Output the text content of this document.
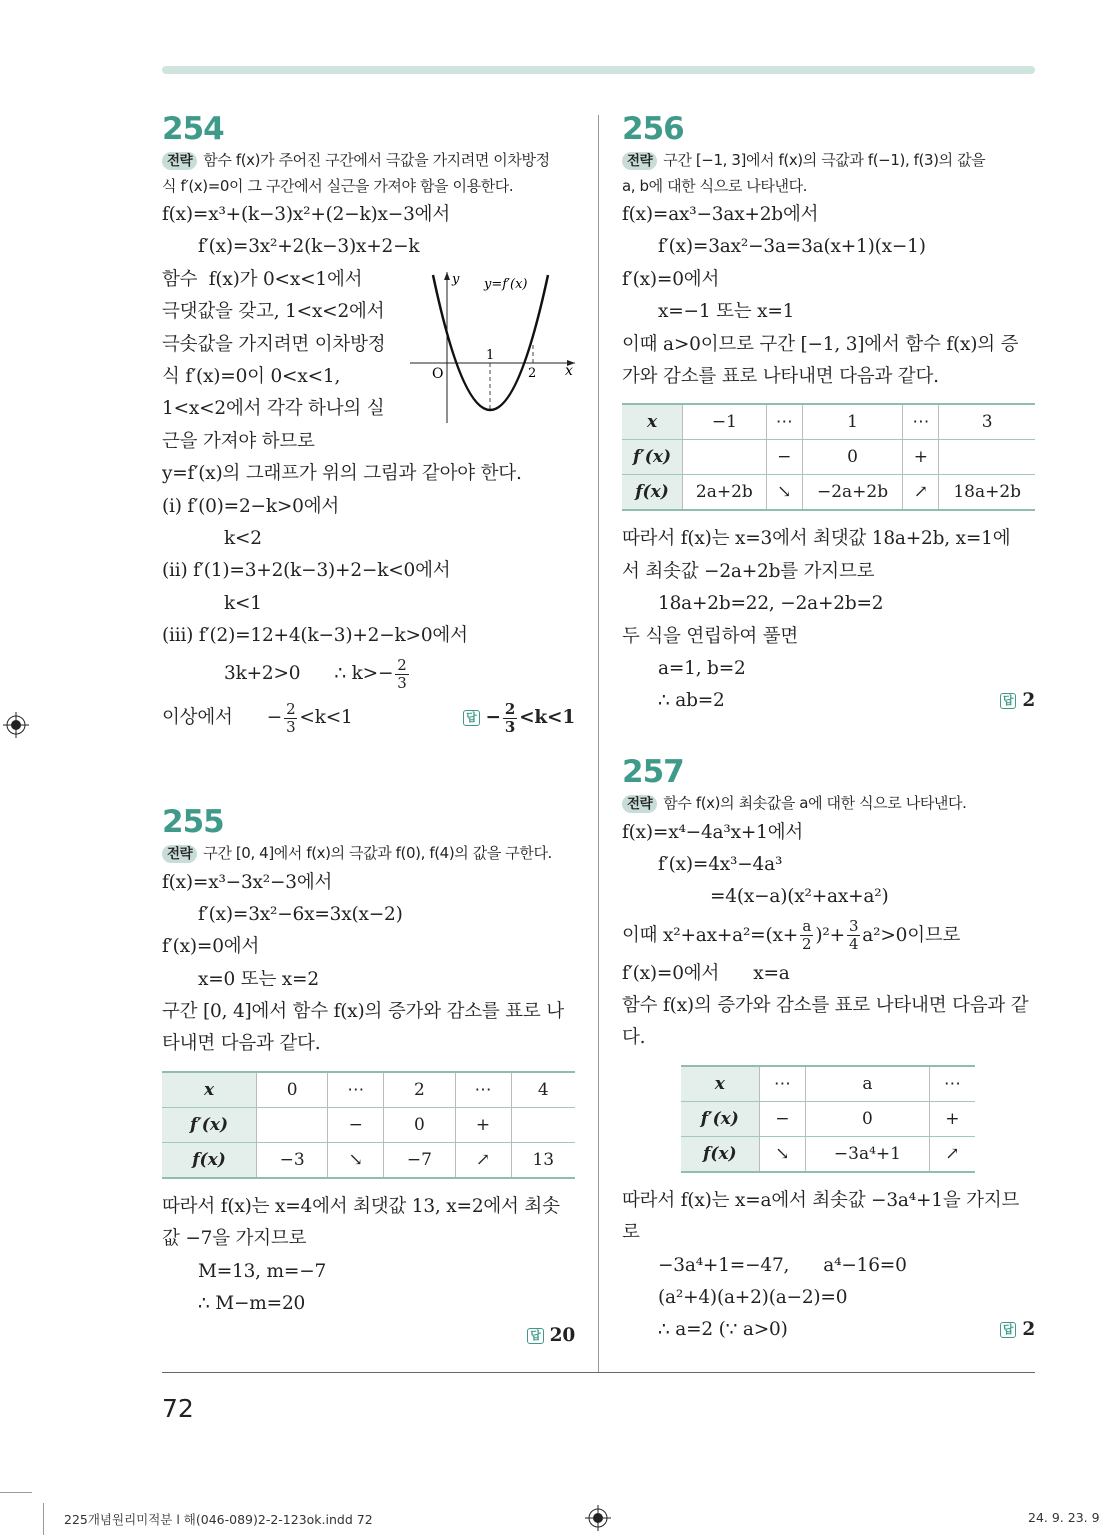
254
전략 함수 f(x)가 주어진 구간에서 극값을 가지려면 이차방정
식 f′(x)=0이 그 구간에서 실근을 가져야 함을 이용한다.
f(x)=x³+(k−3)x²+(2−k)x−3에서
f′(x)=3x²+2(k−3)x+2−k
함수  f(x)가 0<x<1에서
극댓값을 갖고, 1<x<2에서
극솟값을 가지려면 이차방정
식 f′(x)=0이 0<x<1,
1<x<2에서 각각 하나의 실
근을 가져야 하므로
y=f′(x)의 그래프가 위의 그림과 같아야 한다.
(i) f′(0)=2−k>0에서
k<2
(ii) f′(1)=3+2(k−3)+2−k<0에서
k<1
(iii) f′(2)=12+4(k−3)+2−k>0에서
3k+2>0      ∴ $k>- \frac{2}{3}$
이상에서      − $\frac{2}{3} <k<1$	답 − $\frac{2}{3} <k<1$
255
전략 구간 [0, 4]에서 f(x)의 극값과 f(0), f(4)의 값을 구한다.
f(x)=x³−3x²−3에서
f′(x)=3x²−6x=3x(x−2)
f′(x)=0에서
x=0 또는 x=2
구간 [0, 4]에서 함수 f(x)의 증가와 감소를 표로 나
타내면 다음과 같다.
x	0	⋯	2	⋯	4
f′(x)		−	0	+	
f(x)	−3	↘	−7	↗	13
따라서 f(x)는 x=4에서 최댓값 13, x=2에서 최솟
값 −7을 가지므로
M=13, m=−7
∴ M−m=20
답 20
256
전략 구간 [−1, 3]에서 f(x)의 극값과 f(−1), f(3)의 값을
a, b에 대한 식으로 나타낸다.
f(x)=ax³−3ax+2b에서
f′(x)=3ax²−3a=3a(x+1)(x−1)
f′(x)=0에서
x=−1 또는 x=1
이때 a>0이므로 구간 [−1, 3]에서 함수 f(x)의 증
가와 감소를 표로 나타내면 다음과 같다.
x	−1	⋯	1	⋯	3
f′(x)		−	0	+	
f(x)	2a+2b	↘	−2a+2b	↗	18a+2b
따라서 f(x)는 x=3에서 최댓값 18a+2b, x=1에
서 최솟값 −2a+2b를 가지므로
18a+2b=22, −2a+2b=2
두 식을 연립하여 풀면
a=1, b=2
∴ ab=2	답 2
257
전략 함수 f(x)의 최솟값을 a에 대한 식으로 나타낸다.
f(x)=x⁴−4a³x+1에서
f′(x)=4x³−4a³
=4(x−a)(x²+ax+a²)
이때 $x^2+ax+a^2=(x+ \frac{a}{2} )^2+ \frac{3}{4} a^2>0$이므로
f′(x)=0에서      x=a
함수 f(x)의 증가와 감소를 표로 나타내면 다음과 같
다.
x	⋯	a	⋯
f′(x)	−	0	+
f(x)	↘	−3a⁴+1	↗
따라서 f(x)는 x=a에서 최솟값 −3a⁴+1을 가지므
로
−3a⁴+1=−47,      a⁴−16=0
(a²+4)(a+2)(a−2)=0
∴ a=2 (∵ a>0)	답 2
y y=f′(x)
x
O
1
2
72
225개념원리미적분 l 해(046-089)2-2-123ok.indd 72	24. 9. 23. 9
